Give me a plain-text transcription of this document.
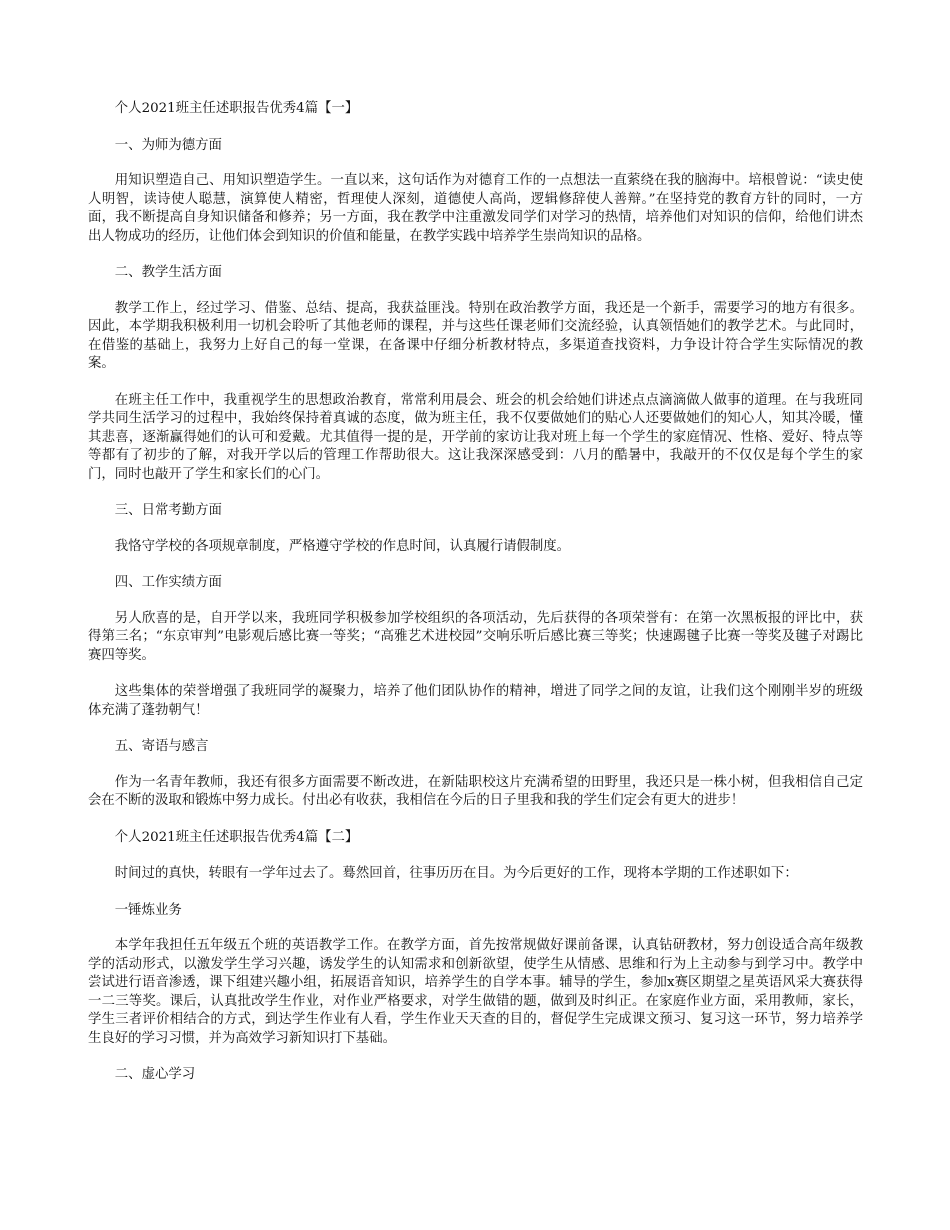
个人2021班主任述职报告优秀4篇【一】

一、为师为德方面

用知识塑造自己、用知识塑造学生。一直以来，这句话作为对德育工作的一点想法一直萦绕在我的脑海中。培根曾说：“读史使人明智，读诗使人聪慧，演算使人精密，哲理使人深刻，道德使人高尚，逻辑修辞使人善辩。”在坚持党的教育方针的同时，一方面，我不断提高自身知识储备和修养；另一方面，我在教学中注重激发同学们对学习的热情，培养他们对知识的信仰，给他们讲杰出人物成功的经历，让他们体会到知识的价值和能量，在教学实践中培养学生崇尚知识的品格。

二、教学生活方面

教学工作上，经过学习、借鉴、总结、提高，我获益匪浅。特别在政治教学方面，我还是一个新手，需要学习的地方有很多。因此，本学期我积极利用一切机会聆听了其他老师的课程，并与这些任课老师们交流经验，认真领悟她们的教学艺术。与此同时，在借鉴的基础上，我努力上好自己的每一堂课，在备课中仔细分析教材特点，多渠道查找资料，力争设计符合学生实际情况的教案。

在班主任工作中，我重视学生的思想政治教育，常常利用晨会、班会的机会给她们讲述点点滴滴做人做事的道理。在与我班同学共同生活学习的过程中，我始终保持着真诚的态度，做为班主任，我不仅要做她们的贴心人还要做她们的知心人，知其冷暖，懂其悲喜，逐渐赢得她们的认可和爱戴。尤其值得一提的是，开学前的家访让我对班上每一个学生的家庭情况、性格、爱好、特点等等都有了初步的了解，对我开学以后的管理工作帮助很大。这让我深深感受到：八月的酷暑中，我敲开的不仅仅是每个学生的家门，同时也敲开了学生和家长们的心门。

三、日常考勤方面

我恪守学校的各项规章制度，严格遵守学校的作息时间，认真履行请假制度。

四、工作实绩方面

另人欣喜的是，自开学以来，我班同学积极参加学校组织的各项活动，先后获得的各项荣誉有：在第一次黑板报的评比中，获得第三名；“东京审判”电影观后感比赛一等奖；“高雅艺术进校园”交响乐听后感比赛三等奖；快速踢毽子比赛一等奖及毽子对踢比赛四等奖。

这些集体的荣誉增强了我班同学的凝聚力，培养了他们团队协作的精神，增进了同学之间的友谊，让我们这个刚刚半岁的班级体充满了蓬勃朝气！

五、寄语与感言

作为一名青年教师，我还有很多方面需要不断改进，在新陆职校这片充满希望的田野里，我还只是一株小树，但我相信自己定会在不断的汲取和锻炼中努力成长。付出必有收获，我相信在今后的日子里我和我的学生们定会有更大的进步！

个人2021班主任述职报告优秀4篇【二】

时间过的真快，转眼有一学年过去了。蓦然回首，往事历历在目。为今后更好的工作，现将本学期的工作述职如下：

一锤炼业务

本学年我担任五年级五个班的英语教学工作。在教学方面，首先按常规做好课前备课，认真钻研教材，努力创设适合高年级教学的活动形式，以激发学生学习兴趣，诱发学生的认知需求和创新欲望，使学生从情感、思维和行为上主动参与到学习中。教学中尝试进行语音渗透，课下组建兴趣小组，拓展语音知识，培养学生的自学本事。辅导的学生，参加x赛区期望之星英语风采大赛获得一二三等奖。课后，认真批改学生作业，对作业严格要求，对学生做错的题，做到及时纠正。在家庭作业方面，采用教师，家长，学生三者评价相结合的方式，到达学生作业有人看，学生作业天天查的目的，督促学生完成课文预习、复习这一环节，努力培养学生良好的学习习惯，并为高效学习新知识打下基础。

二、虚心学习
